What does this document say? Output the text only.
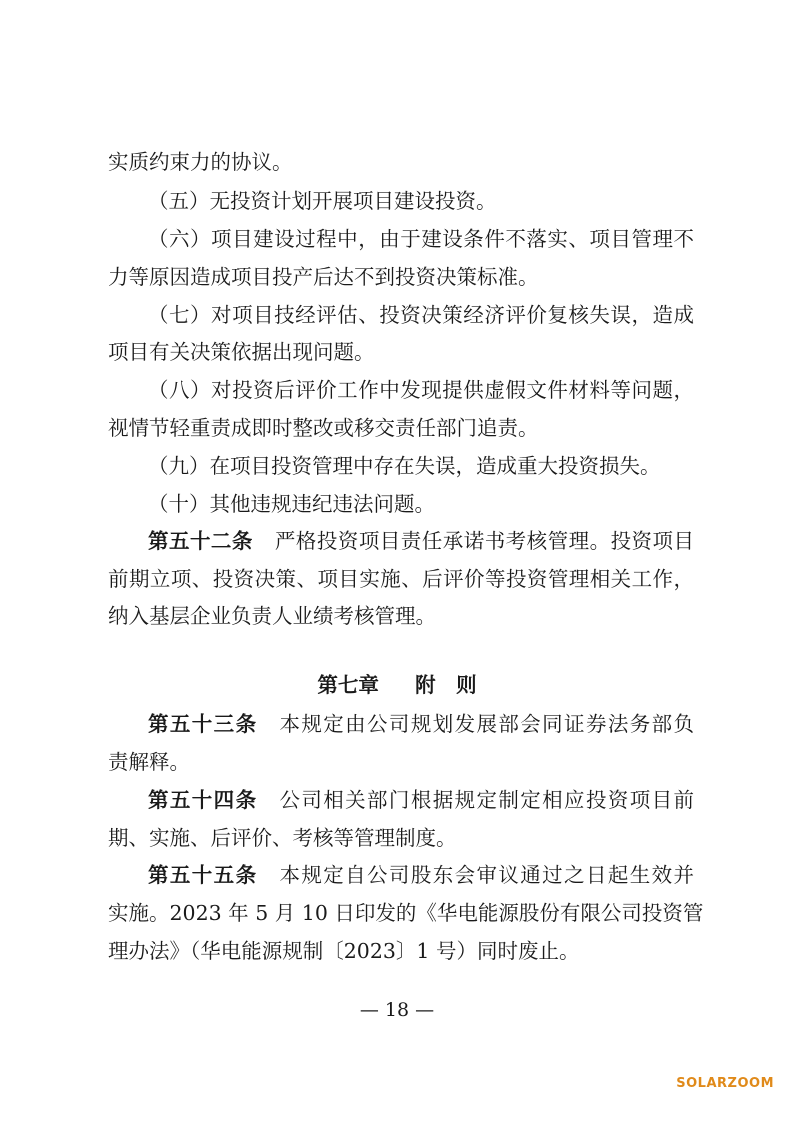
实质约束力的协议。
（五）无投资计划开展项目建设投资。
（六）项目建设过程中，由于建设条件不落实、项目管理不
力等原因造成项目投产后达不到投资决策标准。
（七）对项目技经评估、投资决策经济评价复核失误，造成
项目有关决策依据出现问题。
（八）对投资后评价工作中发现提供虚假文件材料等问题，
视情节轻重责成即时整改或移交责任部门追责。
（九）在项目投资管理中存在失误，造成重大投资损失。
（十）其他违规违纪违法问题。
第五十二条 严格投资项目责任承诺书考核管理。投资项目
前期立项、投资决策、项目实施、后评价等投资管理相关工作，
纳入基层企业负责人业绩考核管理。
第七章 附　则
第五十三条 本规定由公司规划发展部会同证券法务部负
责解释。
第五十四条 公司相关部门根据规定制定相应投资项目前
期、实施、后评价、考核等管理制度。
第五十五条 本规定自公司股东会审议通过之日起生效并
实施。2023 年 5 月 10 日印发的《华电能源股份有限公司投资管
理办法》（华电能源规制〔2023〕1 号）同时废止。
— 18 —
SOLARZOOM
